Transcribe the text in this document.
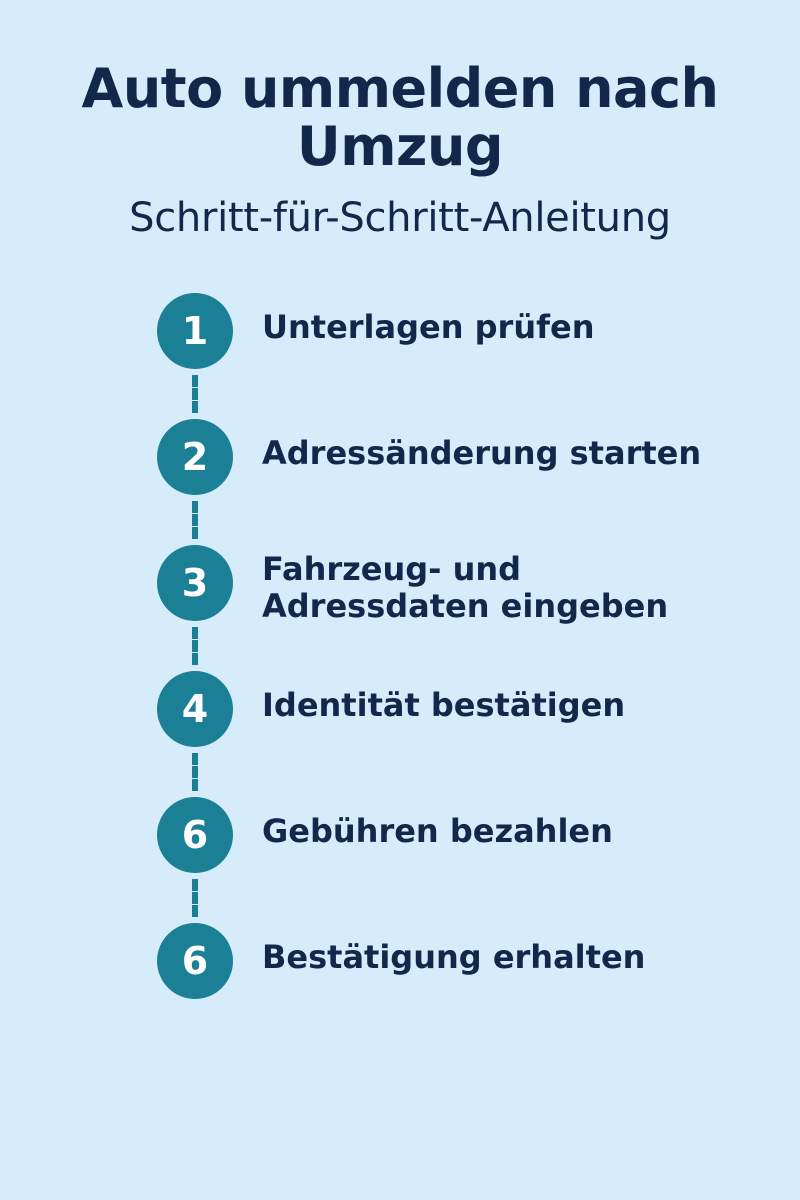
Auto ummelden nach Umzug
Schritt-für-Schritt-Anleitung
1	Unterlagen prüfen
2	Adressänderung starten
3	Fahrzeug- und Adressdaten eingeben
4	Identität bestätigen
6	Gebühren bezahlen
6	Bestätigung erhalten
